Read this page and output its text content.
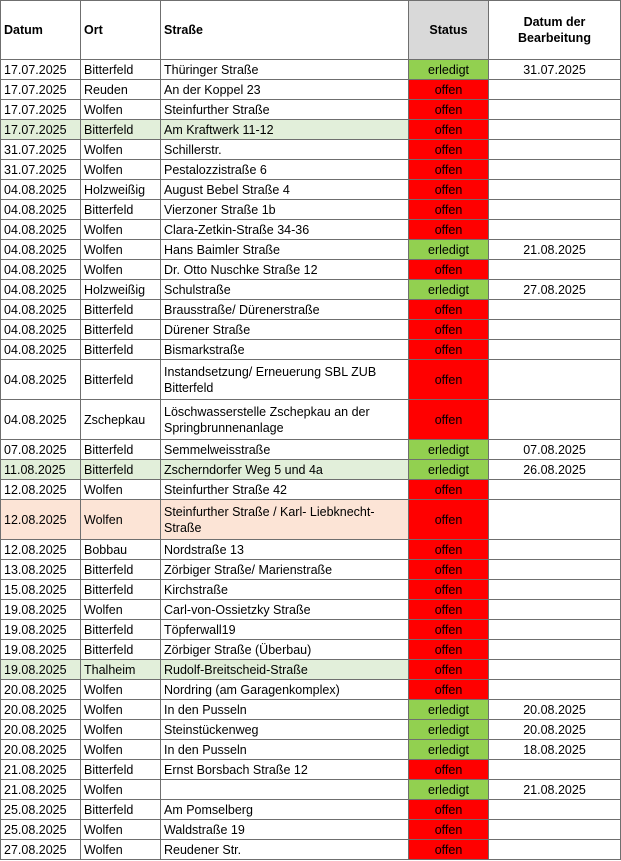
Datum	Ort	Straße	Status	Datum der Bearbeitung
17.07.2025	Bitterfeld	Thüringer Straße	erledigt	31.07.2025
17.07.2025	Reuden	An der Koppel 23	offen	
17.07.2025	Wolfen	Steinfurther Straße	offen	
17.07.2025	Bitterfeld	Am Kraftwerk 11-12	offen	
31.07.2025	Wolfen	Schillerstr.	offen	
31.07.2025	Wolfen	Pestalozzistraße 6	offen	
04.08.2025	Holzweißig	August Bebel Straße 4	offen	
04.08.2025	Bitterfeld	Vierzoner Straße 1b	offen	
04.08.2025	Wolfen	Clara-Zetkin-Straße 34-36	offen	
04.08.2025	Wolfen	Hans Baimler Straße	erledigt	21.08.2025
04.08.2025	Wolfen	Dr. Otto Nuschke Straße 12	offen	
04.08.2025	Holzweißig	Schulstraße	erledigt	27.08.2025
04.08.2025	Bitterfeld	Brausstraße/ Dürenerstraße	offen	
04.08.2025	Bitterfeld	Dürener Straße	offen	
04.08.2025	Bitterfeld	Bismarkstraße	offen	
04.08.2025	Bitterfeld	Instandsetzung/ Erneuerung SBL ZUB Bitterfeld	offen	
04.08.2025	Zschepkau	Löschwasserstelle Zschepkau an der Springbrunnenanlage	offen	
07.08.2025	Bitterfeld	Semmelweisstraße	erledigt	07.08.2025
11.08.2025	Bitterfeld	Zscherndorfer Weg 5 und 4a	erledigt	26.08.2025
12.08.2025	Wolfen	Steinfurther Straße 42	offen	
12.08.2025	Wolfen	Steinfurther Straße / Karl- Liebknecht-Straße	offen	
12.08.2025	Bobbau	Nordstraße 13	offen	
13.08.2025	Bitterfeld	Zörbiger Straße/ Marienstraße	offen	
15.08.2025	Bitterfeld	Kirchstraße	offen	
19.08.2025	Wolfen	Carl-von-Ossietzky Straße	offen	
19.08.2025	Bitterfeld	Töpferwall19	offen	
19.08.2025	Bitterfeld	Zörbiger Straße (Überbau)	offen	
19.08.2025	Thalheim	Rudolf-Breitscheid-Straße	offen	
20.08.2025	Wolfen	Nordring (am Garagenkomplex)	offen	
20.08.2025	Wolfen	In den Pusseln	erledigt	20.08.2025
20.08.2025	Wolfen	Steinstückenweg	erledigt	20.08.2025
20.08.2025	Wolfen	In den Pusseln	erledigt	18.08.2025
21.08.2025	Bitterfeld	Ernst Borsbach Straße 12	offen	
21.08.2025	Wolfen		erledigt	21.08.2025
25.08.2025	Bitterfeld	Am Pomselberg	offen	
25.08.2025	Wolfen	Waldstraße 19	offen	
27.08.2025	Wolfen	Reudener Str.	offen	
